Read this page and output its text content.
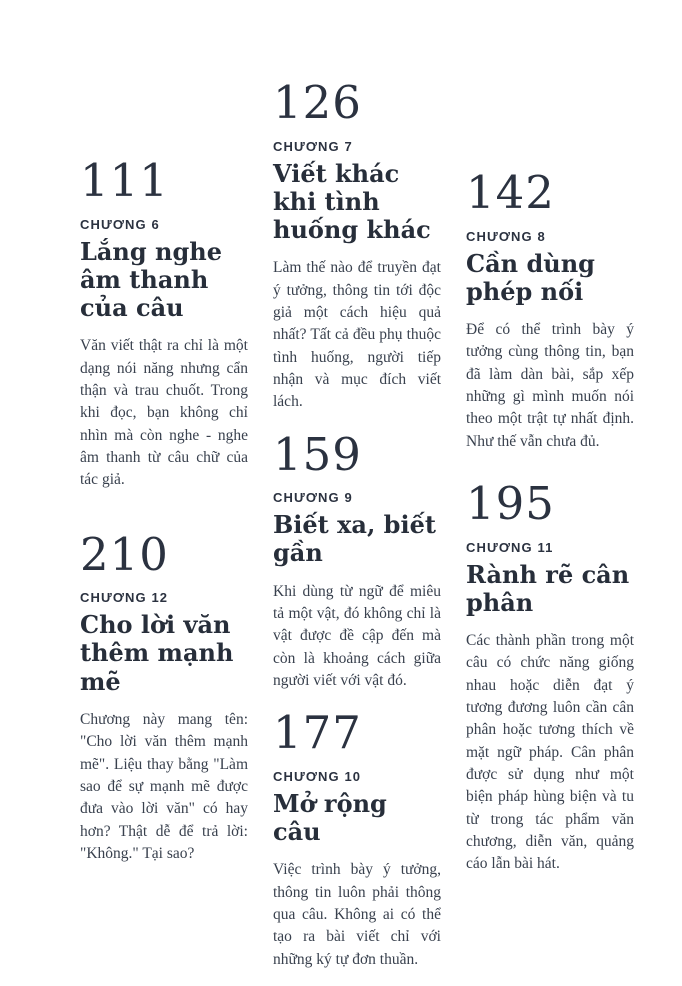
111
CHƯƠNG 6
Lắng nghe âm thanh của câu
Văn viết thật ra chỉ là một dạng nói năng nhưng cẩn thận và trau chuốt. Trong khi đọc, bạn không chỉ nhìn mà còn nghe - nghe âm thanh từ câu chữ của tác giả.
210
CHƯƠNG 12
Cho lời văn thêm mạnh mẽ
Chương này mang tên: "Cho lời văn thêm mạnh mẽ". Liệu thay bằng "Làm sao để sự mạnh mẽ được đưa vào lời văn" có hay hơn? Thật dễ để trả lời: "Không." Tại sao?
126
CHƯƠNG 7
Viết khác khi tình huống khác
Làm thế nào để truyền đạt ý tưởng, thông tin tới độc giả một cách hiệu quả nhất? Tất cả đều phụ thuộc tình huống, người tiếp nhận và mục đích viết lách.
159
CHƯƠNG 9
Biết xa, biết gần
Khi dùng từ ngữ để miêu tả một vật, đó không chỉ là vật được đề cập đến mà còn là khoảng cách giữa người viết với vật đó.
177
CHƯƠNG 10
Mở rộng câu
Việc trình bày ý tưởng, thông tin luôn phải thông qua câu. Không ai có thể tạo ra bài viết chỉ với những ký tự đơn thuần.
142
CHƯƠNG 8
Cần dùng phép nối
Để có thể trình bày ý tưởng cùng thông tin, bạn đã làm dàn bài, sắp xếp những gì mình muốn nói theo một trật tự nhất định. Như thế vẫn chưa đủ.
195
CHƯƠNG 11
Rành rẽ cân phân
Các thành phần trong một câu có chức năng giống nhau hoặc diễn đạt ý tương đương luôn cần cân phân hoặc tương thích về mặt ngữ pháp. Cân phân được sử dụng như một biện pháp hùng biện và tu từ trong tác phẩm văn chương, diễn văn, quảng cáo lẫn bài hát.
